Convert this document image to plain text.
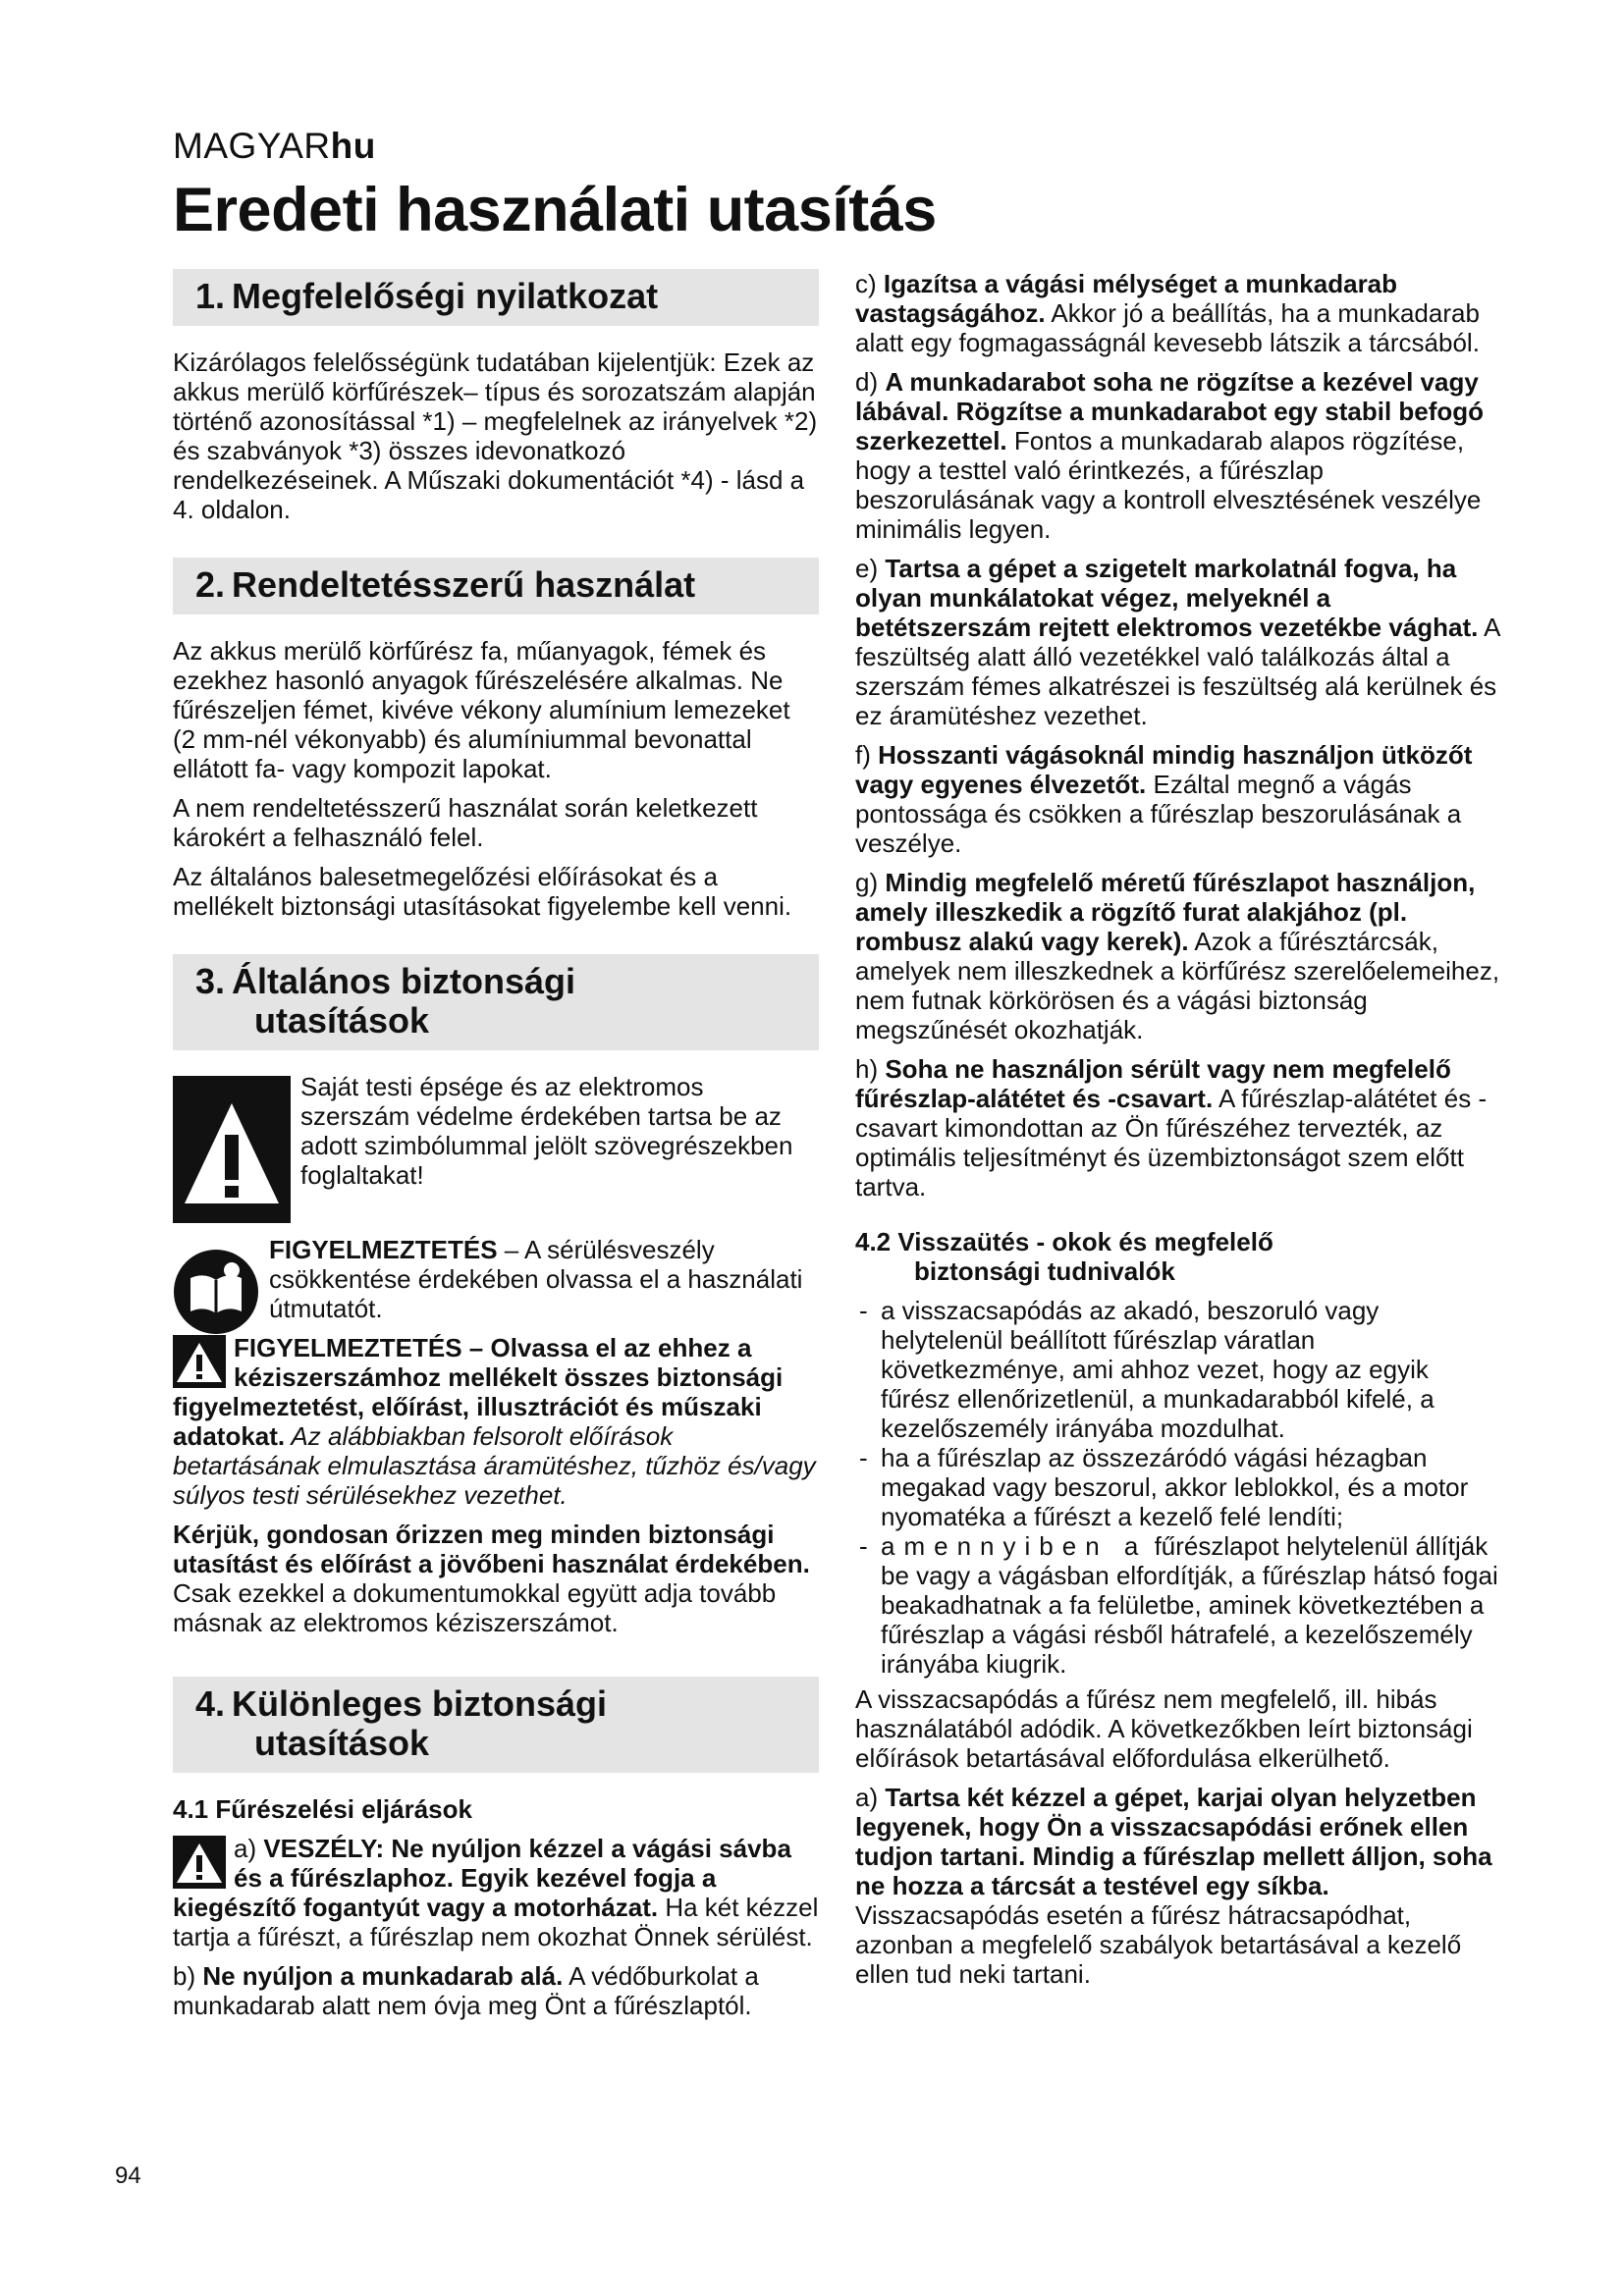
MAGYARhu
Eredeti használati utasítás
1. Megfelelőségi nyilatkozat

Kizárólagos felelősségünk tudatában kijelentjük: Ezek az akkus merülő körfűrészek– típus és sorozatszám alapján történő azonosítással *1) – megfelelnek az irányelvek *2) és szabványok *3) összes idevonatkozó rendelkezéseinek. A Műszaki dokumentációt *4) - lásd a 4. oldalon.

2. Rendeltetésszerű használat

Az akkus merülő körfűrész fa, műanyagok, fémek és ezekhez hasonló anyagok fűrészelésére alkalmas. Ne fűrészeljen fémet, kivéve vékony alumínium lemezeket (2 mm-nél vékonyabb) és alumíniummal bevonattal ellátott fa- vagy kompozit lapokat.

A nem rendeltetésszerű használat során keletkezett károkért a felhasználó felel.

Az általános balesetmegelőzési előírásokat és a mellékelt biztonsági utasításokat figyelembe kell venni.

3. Általános biztonsági
utasítások

Saját testi épsége és az elektromos szerszám védelme érdekében tartsa be az adott szimbólummal jelölt szövegrészekben foglaltakat!

FIGYELMEZTETÉS – A sérülésveszély csökkentése érdekében olvassa el a használati útmutatót.

FIGYELMEZTETÉS – Olvassa el az ehhez a kéziszerszámhoz mellékelt összes biztonsági figyelmeztetést, előírást, illusztrációt és műszaki adatokat. Az alábbiakban felsorolt előírások betartásának elmulasztása áramütéshez, tűzhöz és/vagy súlyos testi sérülésekhez vezethet.

Kérjük, gondosan őrizzen meg minden biztonsági utasítást és előírást a jövőbeni használat érdekében.
Csak ezekkel a dokumentumokkal együtt adja tovább másnak az elektromos kéziszerszámot.

4. Különleges biztonsági
utasítások
4.1 Fűrészelési eljárások

a) VESZÉLY: Ne nyúljon kézzel a vágási sávba és a fűrészlaphoz. Egyik kezével fogja a kiegészítő fogantyút vagy a motorházat. Ha két kézzel tartja a fűrészt, a fűrészlap nem okozhat Önnek sérülést.

b) Ne nyúljon a munkadarab alá. A védőburkolat a munkadarab alatt nem óvja meg Önt a fűrészlaptól.

c) Igazítsa a vágási mélységet a munkadarab vastagságához. Akkor jó a beállítás, ha a munkadarab alatt egy fogmagasságnál kevesebb látszik a tárcsából.

d) A munkadarabot soha ne rögzítse a kezével vagy lábával. Rögzítse a munkadarabot egy stabil befogó szerkezettel. Fontos a munkadarab alapos rögzítése, hogy a testtel való érintkezés, a fűrészlap beszorulásának vagy a kontroll elvesztésének veszélye minimális legyen.

e) Tartsa a gépet a szigetelt markolatnál fogva, ha olyan munkálatokat végez, melyeknél a betétszerszám rejtett elektromos vezetékbe vághat. A feszültség alatt álló vezetékkel való találkozás által a szerszám fémes alkatrészei is feszültség alá kerülnek és ez áramütéshez vezethet.

f) Hosszanti vágásoknál mindig használjon ütközőt vagy egyenes élvezetőt. Ezáltal megnő a vágás pontossága és csökken a fűrészlap beszorulásának a veszélye.

g) Mindig megfelelő méretű fűrészlapot használjon, amely illeszkedik a rögzítő furat alakjához (pl. rombusz alakú vagy kerek). Azok a fűrésztárcsák, amelyek nem illeszkednek a körfűrész szerelőelemeihez, nem futnak körkörösen és a vágási biztonság megszűnését okozhatják.

h) Soha ne használjon sérült vagy nem megfelelő fűrészlap-alátétet és -csavart. A fűrészlap-alátétet és -csavart kimondottan az Ön fűrészéhez tervezték, az optimális teljesítményt és üzembiztonságot szem előtt tartva.

4.2 Visszaütés - okok és megfelelő
biztonsági tudnivalók
- a visszacsapódás az akadó, beszoruló vagy helytelenül beállított fűrészlap váratlan következménye, ami ahhoz vezet, hogy az egyik fűrész ellenőrizetlenül, a munkadarabból kifelé, a kezelőszemély irányába mozdulhat.
- ha a fűrészlap az összezáródó vágási hézagban megakad vagy beszorul, akkor leblokkol, és a motor nyomatéka a fűrészt a kezelő felé lendíti;
- amennyiben a fűrészlapot helytelenül állítják be vagy a vágásban elfordítják, a fűrészlap hátsó fogai beakadhatnak a fa felületbe, aminek következtében a fűrészlap a vágási résből hátrafelé, a kezelőszemély irányába kiugrik.

A visszacsapódás a fűrész nem megfelelő, ill. hibás használatából adódik. A következőkben leírt biztonsági előírások betartásával előfordulása elkerülhető.

a) Tartsa két kézzel a gépet, karjai olyan helyzetben legyenek, hogy Ön a visszacsapódási erőnek ellen tudjon tartani. Mindig a fűrészlap mellett álljon, soha ne hozza a tárcsát a testével egy síkba. Visszacsapódás esetén a fűrész hátracsapódhat, azonban a megfelelő szabályok betartásával a kezelő ellen tud neki tartani.

94
